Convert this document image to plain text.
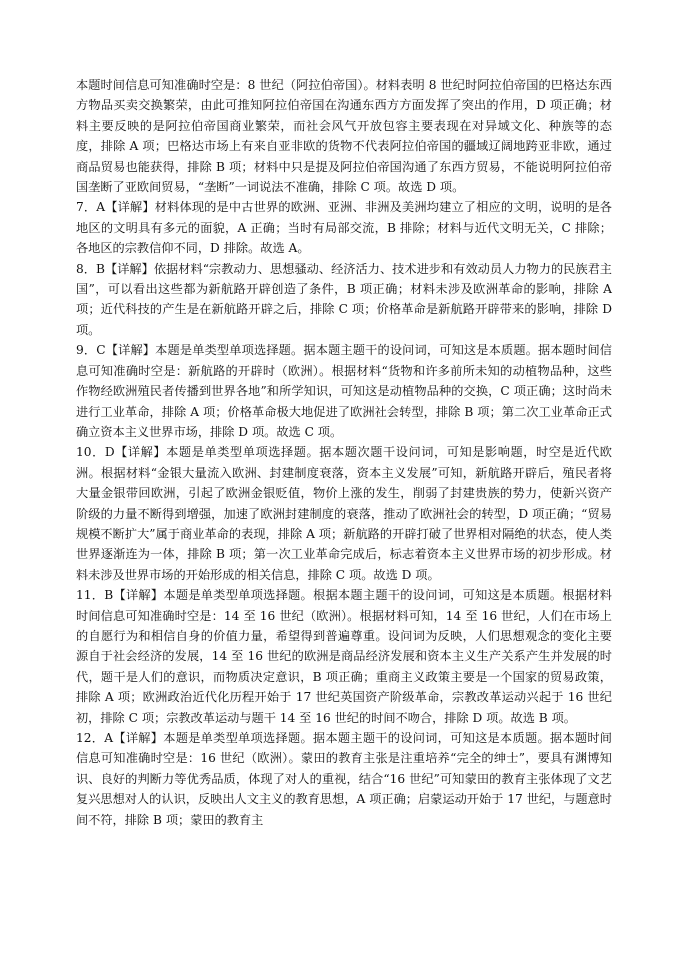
本题时间信息可知准确时空是：8 世纪（阿拉伯帝国）。材料表明 8 世纪时阿拉伯帝国的巴格达东西方物品买卖交换繁荣，由此可推知阿拉伯帝国在沟通东西方方面发挥了突出的作用，D 项正确；材料主要反映的是阿拉伯帝国商业繁荣，而社会风气开放包容主要表现在对异域文化、种族等的态度，排除 A 项；巴格达市场上有来自亚非欧的货物不代表阿拉伯帝国的疆域辽阔地跨亚非欧，通过商品贸易也能获得，排除 B 项；材料中只是提及阿拉伯帝国沟通了东西方贸易，不能说明阿拉伯帝国垄断了亚欧间贸易，“垄断”一词说法不准确，排除 C 项。故选 D 项。

7．A【详解】材料体现的是中古世界的欧洲、亚洲、非洲及美洲均建立了相应的文明，说明的是各地区的文明具有多元的面貌，A 正确；当时有局部交流，B 排除；材料与近代文明无关，C 排除；各地区的宗教信仰不同，D 排除。故选 A。

8．B【详解】依据材料“宗教动力、思想骚动、经济活力、技术进步和有效动员人力物力的民族君主国”，可以看出这些都为新航路开辟创造了条件，B 项正确；材料未涉及欧洲革命的影响，排除 A 项；近代科技的产生是在新航路开辟之后，排除 C 项；价格革命是新航路开辟带来的影响，排除 D 项。

9．C【详解】本题是单类型单项选择题。据本题主题干的设问词，可知这是本质题。据本题时间信息可知准确时空是：新航路的开辟时（欧洲）。根据材料“货物和许多前所未知的动植物品种，这些作物经欧洲殖民者传播到世界各地”和所学知识，可知这是动植物品种的交换，C 项正确；这时尚未进行工业革命，排除 A 项；价格革命极大地促进了欧洲社会转型，排除 B 项；第二次工业革命正式确立资本主义世界市场，排除 D 项。故选 C 项。

10．D【详解】本题是单类型单项选择题。据本题次题干设问词，可知是影响题，时空是近代欧洲。根据材料“金银大量流入欧洲、封建制度衰落，资本主义发展”可知，新航路开辟后，殖民者将大量金银带回欧洲，引起了欧洲金银贬值，物价上涨的发生，削弱了封建贵族的势力，使新兴资产阶级的力量不断得到增强，加速了欧洲封建制度的衰落，推动了欧洲社会的转型，D 项正确；“贸易规模不断扩大”属于商业革命的表现，排除 A 项；新航路的开辟打破了世界相对隔绝的状态，使人类世界逐渐连为一体，排除 B 项；第一次工业革命完成后，标志着资本主义世界市场的初步形成。材料未涉及世界市场的开始形成的相关信息，排除 C 项。故选 D 项。

11．B【详解】本题是单类型单项选择题。根据本题主题干的设问词，可知这是本质题。根据材料时间信息可知准确时空是：14 至 16 世纪（欧洲）。根据材料可知，14 至 16 世纪，人们在市场上的自愿行为和相信自身的价值力量，希望得到普遍尊重。设问词为反映，人们思想观念的变化主要源自于社会经济的发展，14 至 16 世纪的欧洲是商品经济发展和资本主义生产关系产生并发展的时代，题干是人们的意识，而物质决定意识，B 项正确；重商主义政策主要是一个国家的贸易政策，排除 A 项；欧洲政治近代化历程开始于 17 世纪英国资产阶级革命，宗教改革运动兴起于 16 世纪初，排除 C 项；宗教改革运动与题干 14 至 16 世纪的时间不吻合，排除 D 项。故选 B 项。

12．A【详解】本题是单类型单项选择题。据本题主题干的设问词，可知这是本质题。据本题时间信息可知准确时空是：16 世纪（欧洲）。蒙田的教育主张是注重培养“完全的绅士”，要具有渊博知识、良好的判断力等优秀品质，体现了对人的重视，结合“16 世纪”可知蒙田的教育主张体现了文艺复兴思想对人的认识，反映出人文主义的教育思想，A 项正确；启蒙运动开始于 17 世纪，与题意时间不符，排除 B 项；蒙田的教育主
